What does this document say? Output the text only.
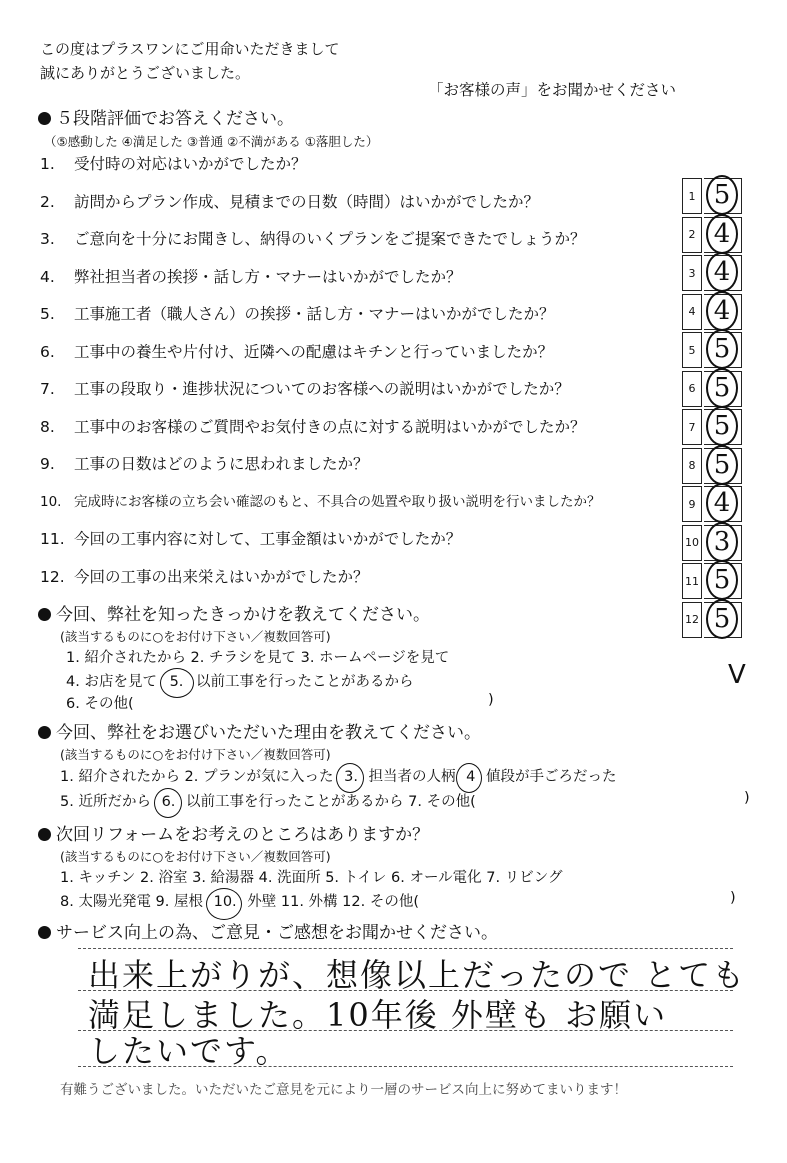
この度はプラスワンにご用命いただきまして
誠にありがとうございました。
「お客様の声」をお聞かせください
５段階評価でお答えください。
（⑤感動した ④満足した ③普通 ②不満がある ①落胆した）
1. 受付時の対応はいかがでしたか？
2. 訪問からプラン作成、見積までの日数（時間）はいかがでしたか？
3. ご意向を十分にお聞きし、納得のいくプランをご提案できたでしょうか？
4. 弊社担当者の挨拶・話し方・マナーはいかがでしたか？
5. 工事施工者（職人さん）の挨拶・話し方・マナーはいかがでしたか？
6. 工事中の養生や片付け、近隣への配慮はキチンと行っていましたか？
7. 工事の段取り・進捗状況についてのお客様への説明はいかがでしたか？
8. 工事中のお客様のご質問やお気付きの点に対する説明はいかがでしたか？
9. 工事の日数はどのように思われましたか？
10. 完成時にお客様の立ち会い確認のもと、不具合の処置や取り扱い説明を行いましたか？
11. 今回の工事内容に対して、工事金額はいかがでしたか？
12. 今回の工事の出来栄えはいかがでしたか？
1 5
2 4
3 4
4 4
5 5
6 5
7 5
8 5
9 4
10 3
11 5
12 5
V
今回、弊社を知ったきっかけを教えてください。
(該当するものに○をお付け下さい／複数回答可)
1. 紹介されたから 2. チラシを見て 3. ホームページを見て
4. お店を見て 5. 以前工事を行ったことがあるから
6. その他(	)
今回、弊社をお選びいただいた理由を教えてください。
(該当するものに○をお付け下さい／複数回答可)
1. 紹介されたから 2. プランが気に入った 3. 担当者の人柄 4 値段が手ごろだった
5. 近所だから 6. 以前工事を行ったことがあるから 7. その他(	)
次回リフォームをお考えのところはありますか？
(該当するものに○をお付け下さい／複数回答可)
1. キッチン 2. 浴室 3. 給湯器 4. 洗面所 5. トイレ 6. オール電化 7. リビング
8. 太陽光発電 9. 屋根 10. 外壁 11. 外構 12. その他(	)
サービス向上の為、ご意見・ご感想をお聞かせください。
出来上がりが、想像以上だったので とても
満足しました。10年後 外壁も お願い
したいです。
有難うございました。いただいたご意見を元により一層のサービス向上に努めてまいります！
